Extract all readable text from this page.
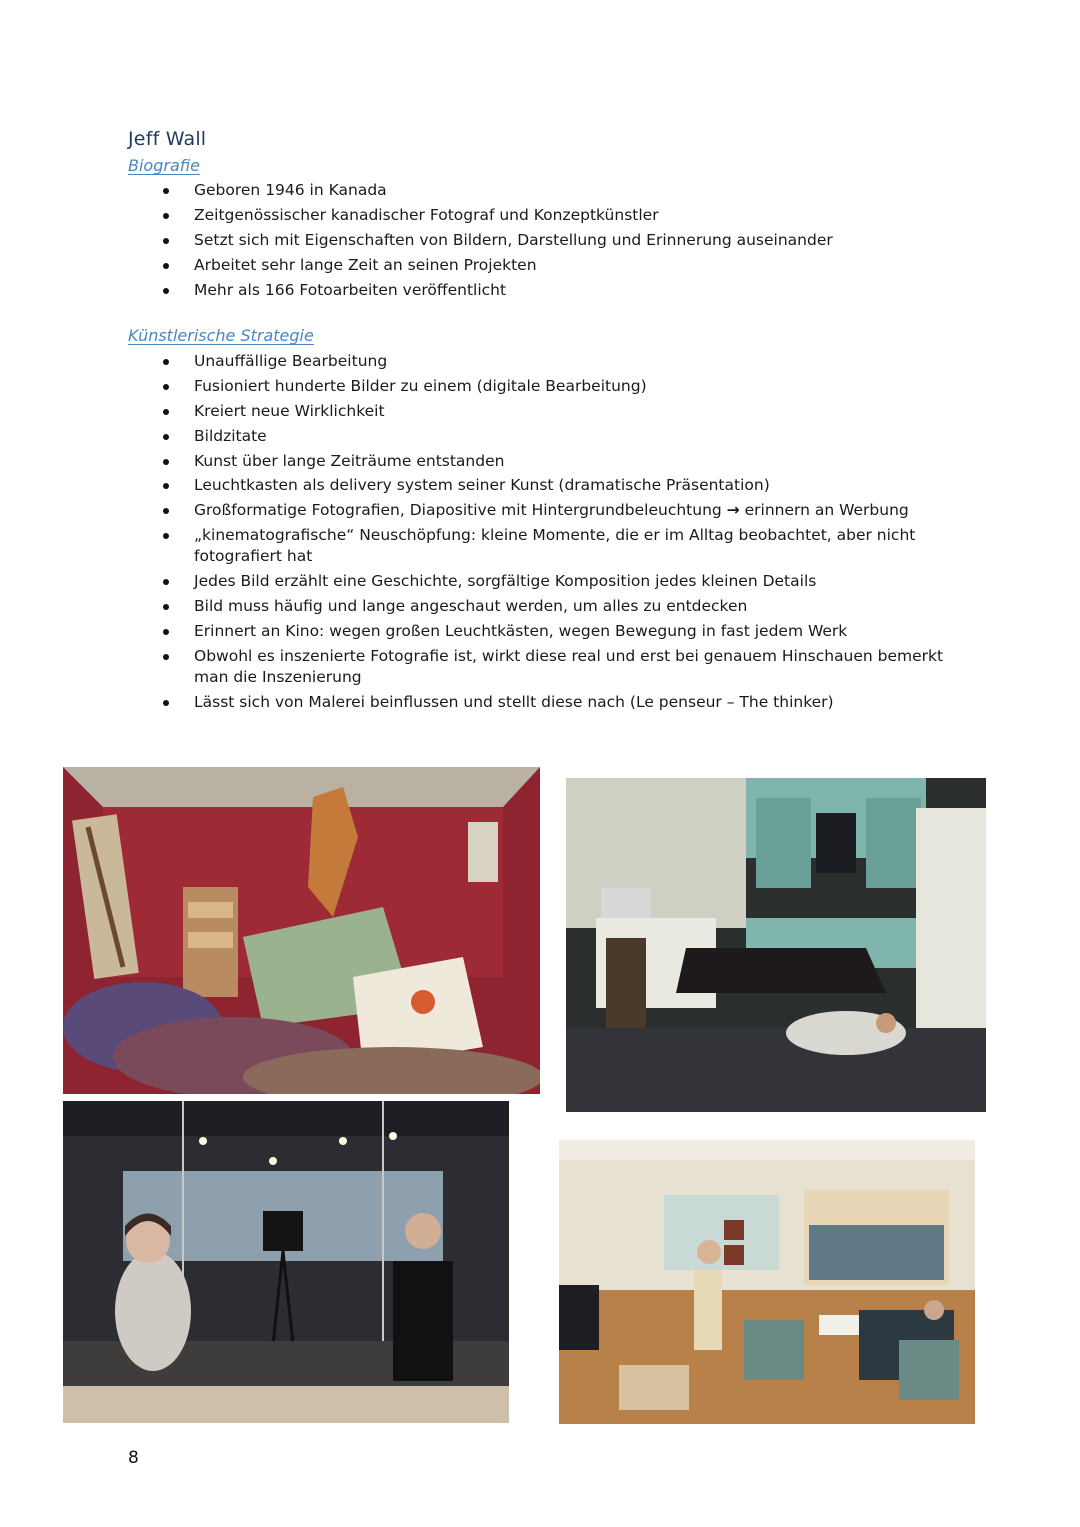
Jeff Wall
Biografie
Geboren 1946 in Kanada
Zeitgenössischer kanadischer Fotograf und Konzeptkünstler
Setzt sich mit Eigenschaften von Bildern, Darstellung und Erinnerung auseinander
Arbeitet sehr lange Zeit an seinen Projekten
Mehr als 166 Fotoarbeiten veröffentlicht
Künstlerische Strategie
Unauffällige Bearbeitung
Fusioniert hunderte Bilder zu einem (digitale Bearbeitung)
Kreiert neue Wirklichkeit
Bildzitate
Kunst über lange Zeiträume entstanden
Leuchtkasten als delivery system seiner Kunst (dramatische Präsentation)
Großformatige Fotografien, Diapositive mit Hintergrundbeleuchtung → erinnern an Werbung
„kinematografische“ Neuschöpfung: kleine Momente, die er im Alltag beobachtet, aber nicht fotografiert hat
Jedes Bild erzählt eine Geschichte, sorgfältige Komposition jedes kleinen Details
Bild muss häufig und lange angeschaut werden, um alles zu entdecken
Erinnert an Kino: wegen großen Leuchtkästen, wegen Bewegung in fast jedem Werk
Obwohl es inszenierte Fotografie ist, wirkt diese real und erst bei genauem Hinschauen bemerkt man die Inszenierung
Lässt sich von Malerei beinflussen und stellt diese nach (Le penseur – The thinker)
8
